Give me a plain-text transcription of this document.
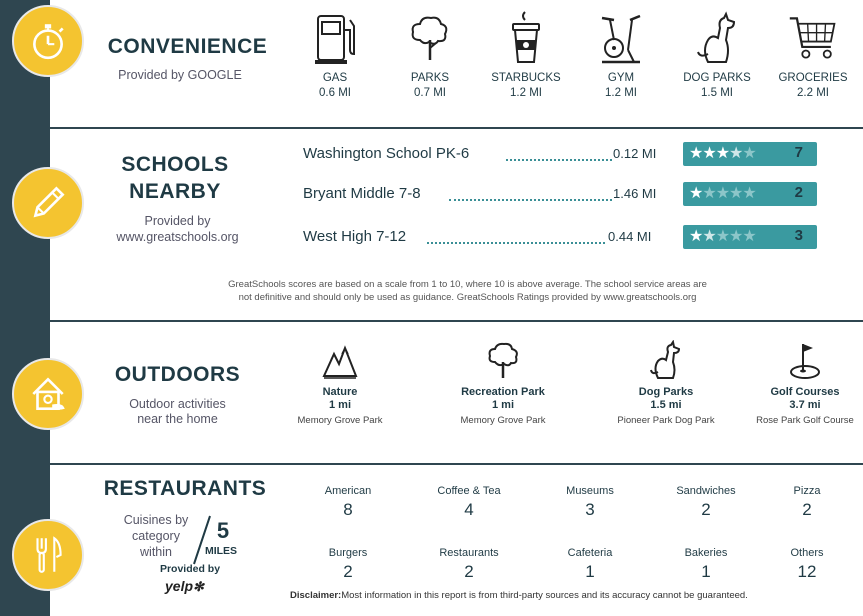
CONVENIENCE
Provided by GOOGLE	GAS
0.6 MI
PARKS
0.7 MI
STARBUCKS
1.2 MI
GYM
1.2 MI
DOG PARKS
1.5 MI
GROCERIES
2.2 MI
SCHOOLS
NEARBY
Provided by
www.greatschools.org
Washington School PK-6	0.12 MI ★★★★★	7
Bryant Middle 7-8	1.46 MI ★★★★★	2
West High 7-12	0.44 MI ★★★★★	3
GreatSchools scores are based on a scale from 1 to 10, where 10 is above average. The school service areas are
not definitive and should only be used as guidance. GreatSchools Ratings provided by www.greatschools.org
OUTDOORS
Outdoor activities
near the home
Nature
1 mi
Memory Grove Park
Recreation Park
1 mi
Memory Grove Park
Dog Parks
1.5 mi
Pioneer Park Dog Park
Golf Courses
3.7 mi
Rose Park Golf Course
RESTAURANTS
Cuisines by
category
within
5
MILES
Provided by
yelp✻
American
8
Coffee & Tea
4
Museums
3
Sandwiches
2
Pizza
2
Burgers
2
Restaurants
2
Cafeteria
1
Bakeries
1
Others
12
Disclaimer:Most information in this report is from third-party sources and its accuracy cannot be guaranteed.
